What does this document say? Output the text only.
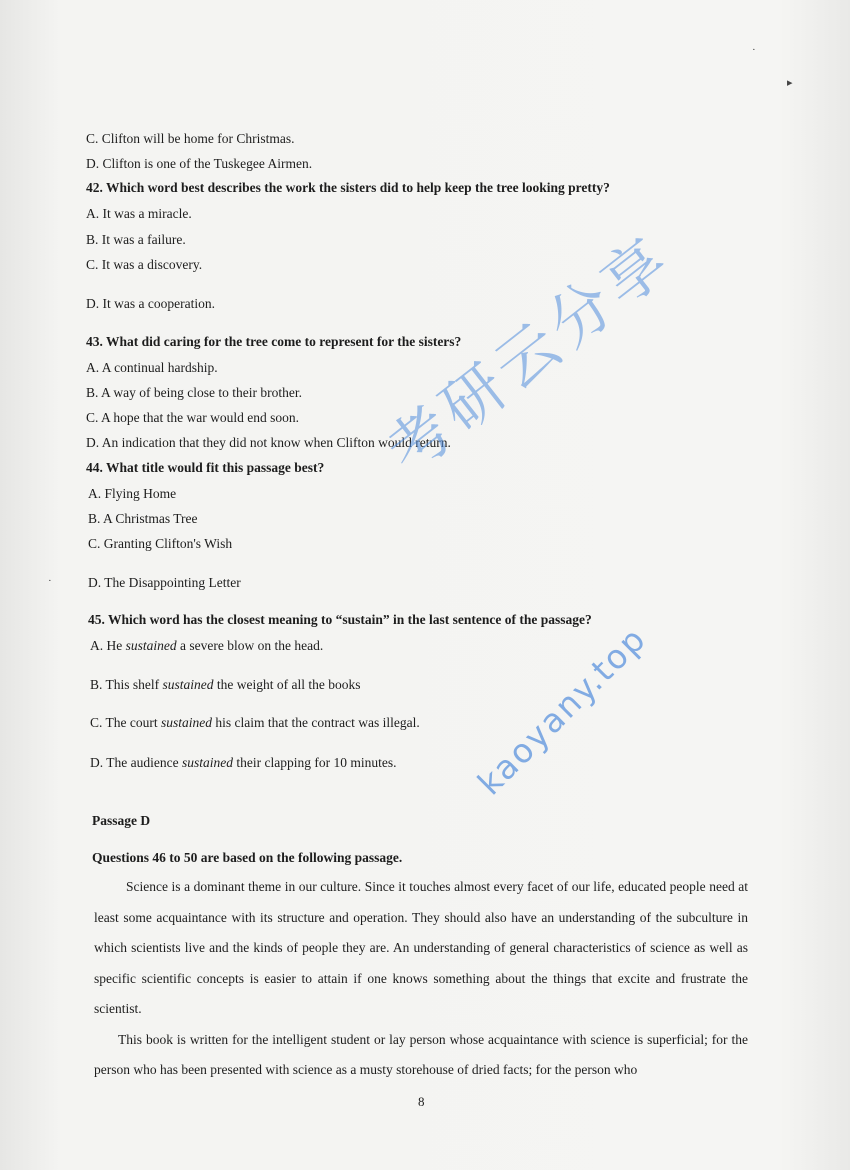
C. Clifton will be home for Christmas.
D. Clifton is one of the Tuskegee Airmen.
42. Which word best describes the work the sisters did to help keep the tree looking pretty?
A. It was a miracle.
B. It was a failure.
C. It was a discovery.
D. It was a cooperation.
43. What did caring for the tree come to represent for the sisters?
A. A continual hardship.
B. A way of being close to their brother.
C. A hope that the war would end soon.
D. An indication that they did not know when Clifton would return.
44. What title would fit this passage best?
A. Flying Home
B. A Christmas Tree
C. Granting Clifton's Wish
D. The Disappointing Letter
45. Which word has the closest meaning to “sustain” in the last sentence of the passage?
A. He sustained a severe blow on the head.
B. This shelf sustained the weight of all the books
C. The court sustained his claim that the contract was illegal.
D. The audience sustained their clapping for 10 minutes.
Passage D
Questions 46 to 50 are based on the following passage.

Science is a dominant theme in our culture. Since it touches almost every facet of our life, educated people need at least some acquaintance with its structure and operation. They should also have an understanding of the subculture in which scientists live and the kinds of people they are. An understanding of general characteristics of science as well as specific scientific concepts is easier to attain if one knows something about the things that excite and frustrate the scientist.

This book is written for the intelligent student or lay person whose acquaintance with science is superficial; for the person who has been presented with science as a musty storehouse of dried facts; for the person who

8
考研云分享
kaoyany.top
·
▸
·
